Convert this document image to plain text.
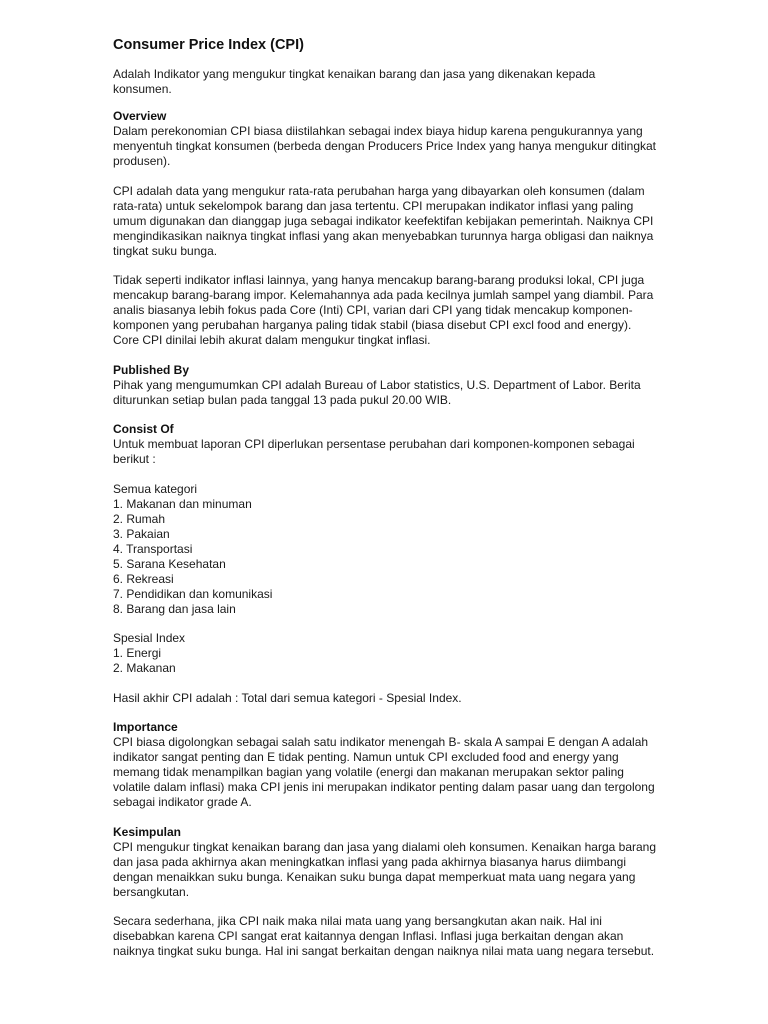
Consumer Price Index (CPI)

Adalah Indikator yang mengukur tingkat kenaikan barang dan jasa yang dikenakan kepada konsumen.

Overview

Dalam perekonomian CPI biasa diistilahkan sebagai index biaya hidup karena pengukurannya yang menyentuh tingkat konsumen (berbeda dengan Producers Price Index yang hanya mengukur ditingkat produsen).

CPI adalah data yang mengukur rata-rata perubahan harga yang dibayarkan oleh konsumen (dalam rata-rata) untuk sekelompok barang dan jasa tertentu. CPI merupakan indikator inflasi yang paling umum digunakan dan dianggap juga sebagai indikator keefektifan kebijakan pemerintah. Naiknya CPI mengindikasikan naiknya tingkat inflasi yang akan menyebabkan turunnya harga obligasi dan naiknya tingkat suku bunga.

Tidak seperti indikator inflasi lainnya, yang hanya mencakup barang-barang produksi lokal, CPI juga mencakup barang-barang impor. Kelemahannya ada pada kecilnya jumlah sampel yang diambil. Para analis biasanya lebih fokus pada Core (Inti) CPI, varian dari CPI yang tidak mencakup komponen-komponen yang perubahan harganya paling tidak stabil (biasa disebut CPI excl food and energy). Core CPI dinilai lebih akurat dalam mengukur tingkat inflasi.

Published By

Pihak yang mengumumkan CPI adalah Bureau of Labor statistics, U.S. Department of Labor. Berita diturunkan setiap bulan pada tanggal 13 pada pukul 20.00 WIB.

Consist Of

Untuk membuat laporan CPI diperlukan persentase perubahan dari komponen-komponen sebagai berikut :

Semua kategori
1. Makanan dan minuman
2. Rumah
3. Pakaian
4. Transportasi
5. Sarana Kesehatan
6. Rekreasi
7. Pendidikan dan komunikasi
8. Barang dan jasa lain
Spesial Index
1. Energi
2. Makanan

Hasil akhir CPI adalah : Total dari semua kategori - Spesial Index.

Importance

CPI biasa digolongkan sebagai salah satu indikator menengah B- skala A sampai E dengan A adalah indikator sangat penting dan E tidak penting. Namun untuk CPI excluded food and energy yang memang tidak menampilkan bagian yang volatile (energi dan makanan merupakan sektor paling volatile dalam inflasi) maka CPI jenis ini merupakan indikator penting dalam pasar uang dan tergolong sebagai indikator grade A.

Kesimpulan

CPI mengukur tingkat kenaikan barang dan jasa yang dialami oleh konsumen. Kenaikan harga barang dan jasa pada akhirnya akan meningkatkan inflasi yang pada akhirnya biasanya harus diimbangi dengan menaikkan suku bunga. Kenaikan suku bunga dapat memperkuat mata uang negara yang bersangkutan.

Secara sederhana, jika CPI naik maka nilai mata uang yang bersangkutan akan naik. Hal ini disebabkan karena CPI sangat erat kaitannya dengan Inflasi. Inflasi juga berkaitan dengan akan naiknya tingkat suku bunga. Hal ini sangat berkaitan dengan naiknya nilai mata uang negara tersebut.
